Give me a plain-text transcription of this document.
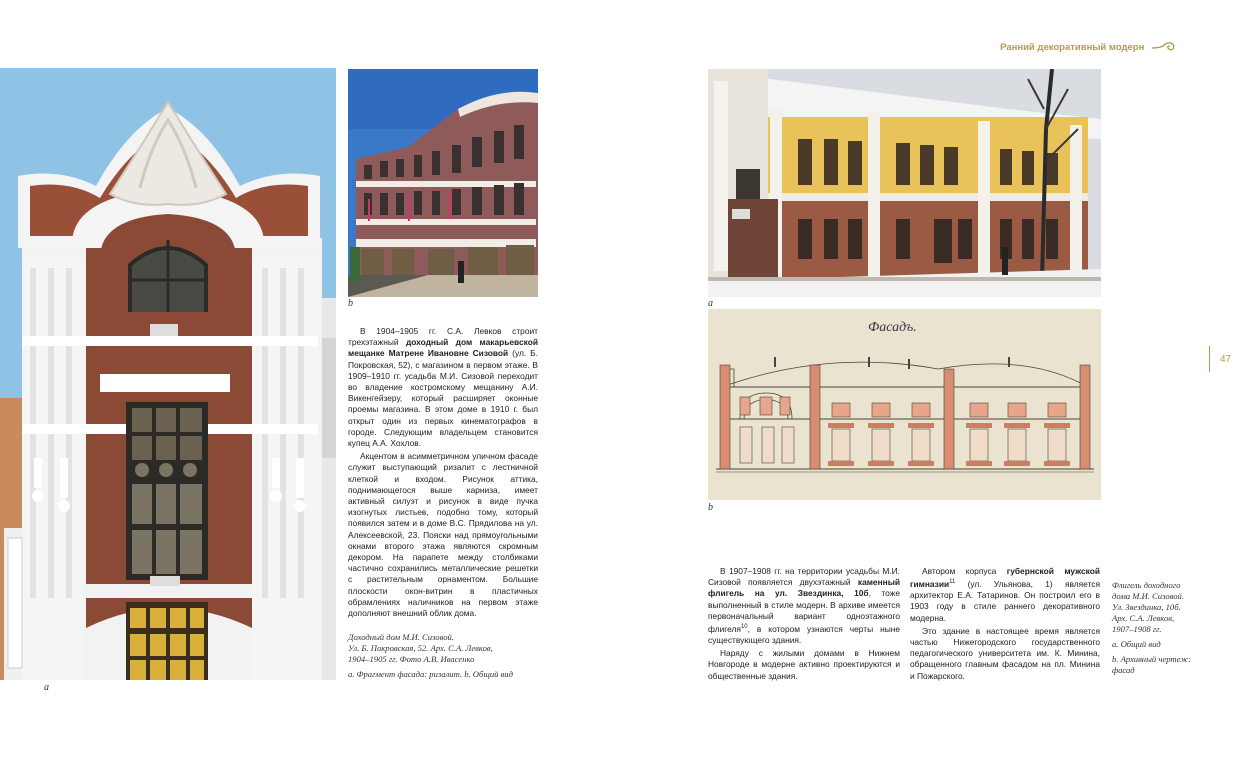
a
b

В 1904–1905 гг. С.А. Левков строит трехэтажный доходный дом макарьевской мещанке Матрене Ивановне Сизовой (ул. Б. Покровская, 52), с магазином в первом этаже. В 1909–1910 гг. усадьба М.И. Сизовой переходит во владение костромскому мещанину А.И. Викенгейзеру, который расширяет оконные проемы магазина. В этом доме в 1910 г. был открыт один из первых кинематографов в городе. Следующим владельцем становится купец А.А. Хохлов.

Акцентом в асимметричном уличном фасаде служит выступающий ризалит с лестничной клеткой и входом. Рисунок аттика, поднимающегося выше карниза, имеет активный силуэт и рисунок в виде пучка изогнутых листьев, подобно тому, который появился затем и в доме В.С. Прядилова на ул. Алексеевской, 23. Пояски над прямоугольными окнами второго этажа являются скромным декором. На парапете между столбиками частично сохранились металлические решетки с растительным орнаментом. Большие плоскости окон-витрин в пластичных обрамлениях наличников на первом этаже дополняют внешний облик дома.

Доходный дом М.И. Сизовой.
Ул. Б. Покровская, 52. Арх. С.А. Левков,
1904–1905 гг. Фото А.В. Ивасенко
a. Фрагмент фасада: ризалит. b. Общий вид
Ранний декоративный модерн
a
Фасадъ.
b
47

В 1907–1908 гг. на территории усадьбы М.И. Сизовой появляется двухэтажный каменный флигель на ул. Звездинка, 10б, тоже выполненный в стиле модерн. В архиве имеется первоначальный вариант одноэтажного флигеля$^{10}$, в котором узнаются черты ныне существующего здания.

Наряду с жилыми домами в Нижнем Новгороде в модерне активно проектируются и общественные здания.

Автором корпуса губернской мужской гимназии$^{11}$ (ул. Ульянова, 1) является архитектор Е.А. Татаринов. Он построил его в 1903 году в стиле раннего декоративного модерна.

Это здание в настоящее время является частью Нижегородского государственного педагогического университета им. К. Минина, обращенного главным фасадом на пл. Минина и Пожарского.

Флигель доходного
дома М.И. Сизовой.
Ул. Звездинка, 10б.
Арх. С.А. Левков,
1907–1908 гг.
a. Общий вид
b. Архивный чертеж:
фасад
